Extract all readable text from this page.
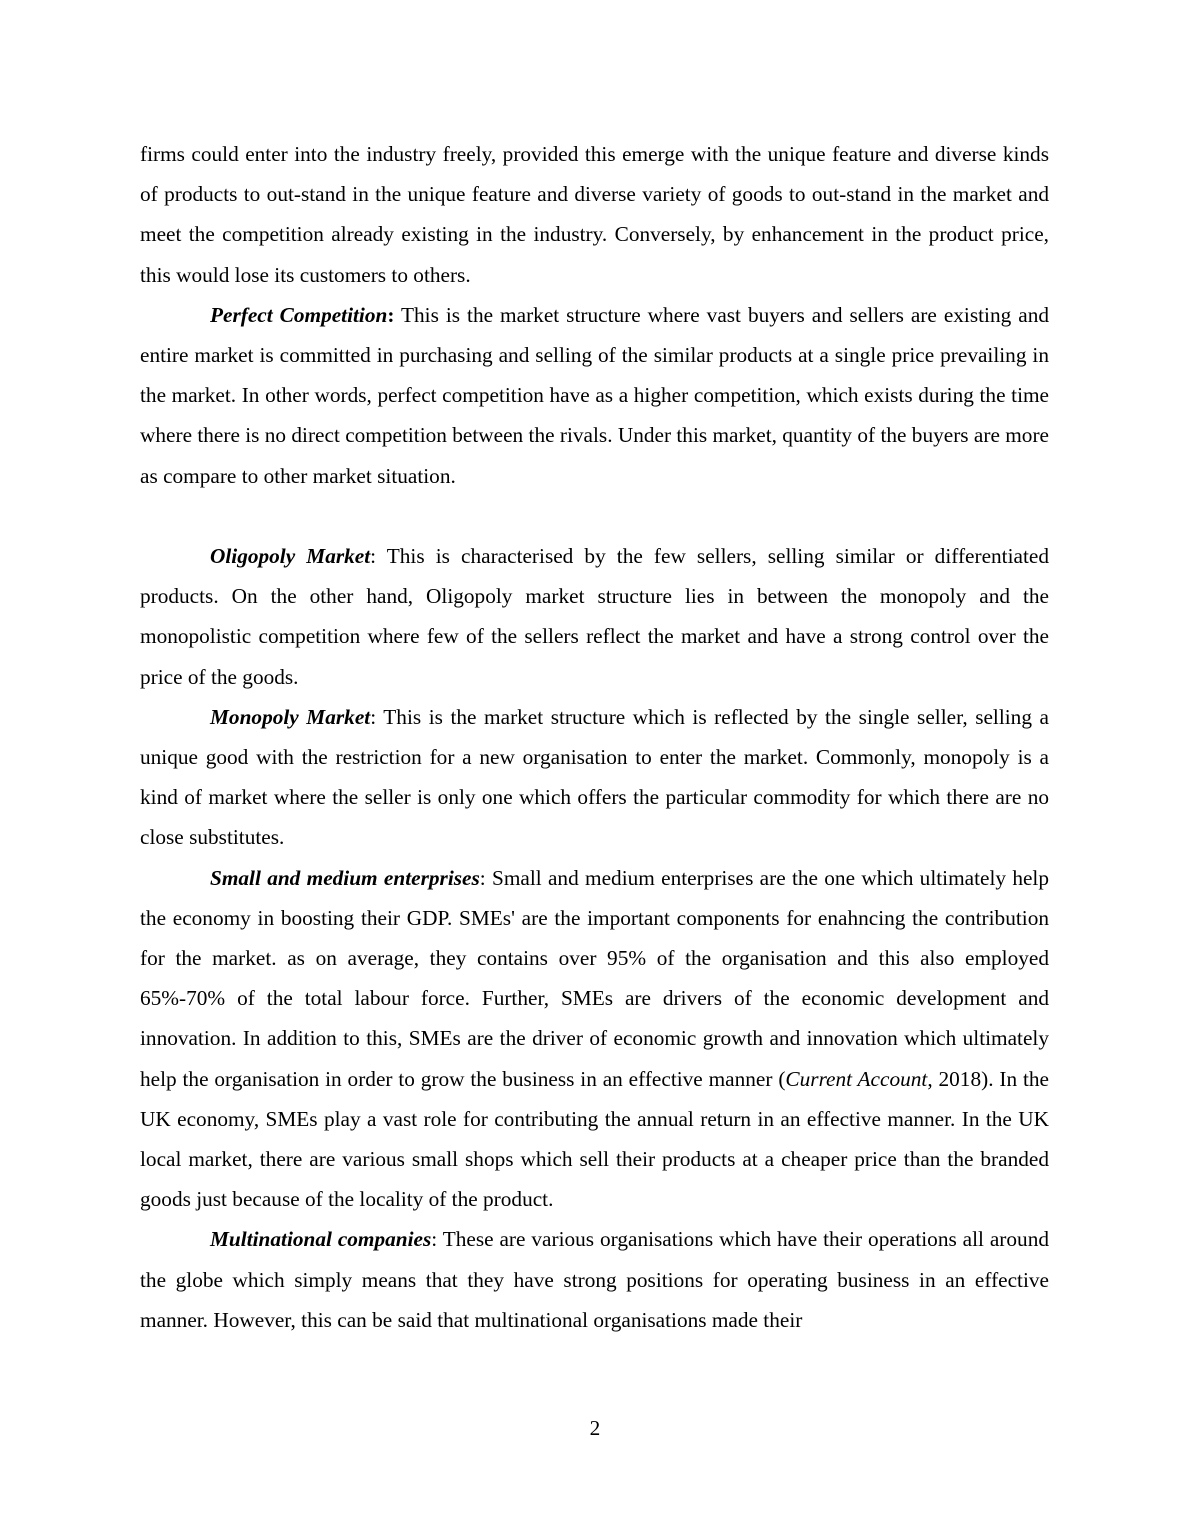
firms could enter into the industry freely, provided this emerge with the unique feature and diverse kinds of products to out-stand in the unique feature and diverse variety of goods to out-stand in the market and meet the competition already existing in the industry. Conversely, by enhancement in the product price, this would lose its customers to others.

Perfect Competition: This is the market structure where vast buyers and sellers are existing and entire market is committed in purchasing and selling of the similar products at a single price prevailing in the market. In other words, perfect competition have as a higher competition, which exists during the time where there is no direct competition between the rivals. Under this market, quantity of the buyers are more as compare to other market situation.

Oligopoly Market: This is characterised by the few sellers, selling similar or differentiated products. On the other hand, Oligopoly market structure lies in between the monopoly and the monopolistic competition where few of the sellers reflect the market and have a strong control over the price of the goods.

Monopoly Market: This is the market structure which is reflected by the single seller, selling a unique good with the restriction for a new organisation to enter the market. Commonly, monopoly is a kind of market where the seller is only one which offers the particular commodity for which there are no close substitutes.

Small and medium enterprises: Small and medium enterprises are the one which ultimately help the economy in boosting their GDP. SMEs' are the important components for enahncing the contribution for the market. as on average, they contains over 95% of the organisation and this also employed 65%-70% of the total labour force. Further, SMEs are drivers of the economic development and innovation. In addition to this, SMEs are the driver of economic growth and innovation which ultimately help the organisation in order to grow the business in an effective manner (Current Account, 2018). In the UK economy, SMEs play a vast role for contributing the annual return in an effective manner. In the UK local market, there are various small shops which sell their products at a cheaper price than the branded goods just because of the locality of the product.

Multinational companies: These are various organisations which have their operations all around the globe which simply means that they have strong positions for operating business in an effective manner. However, this can be said that multinational organisations made their

2
